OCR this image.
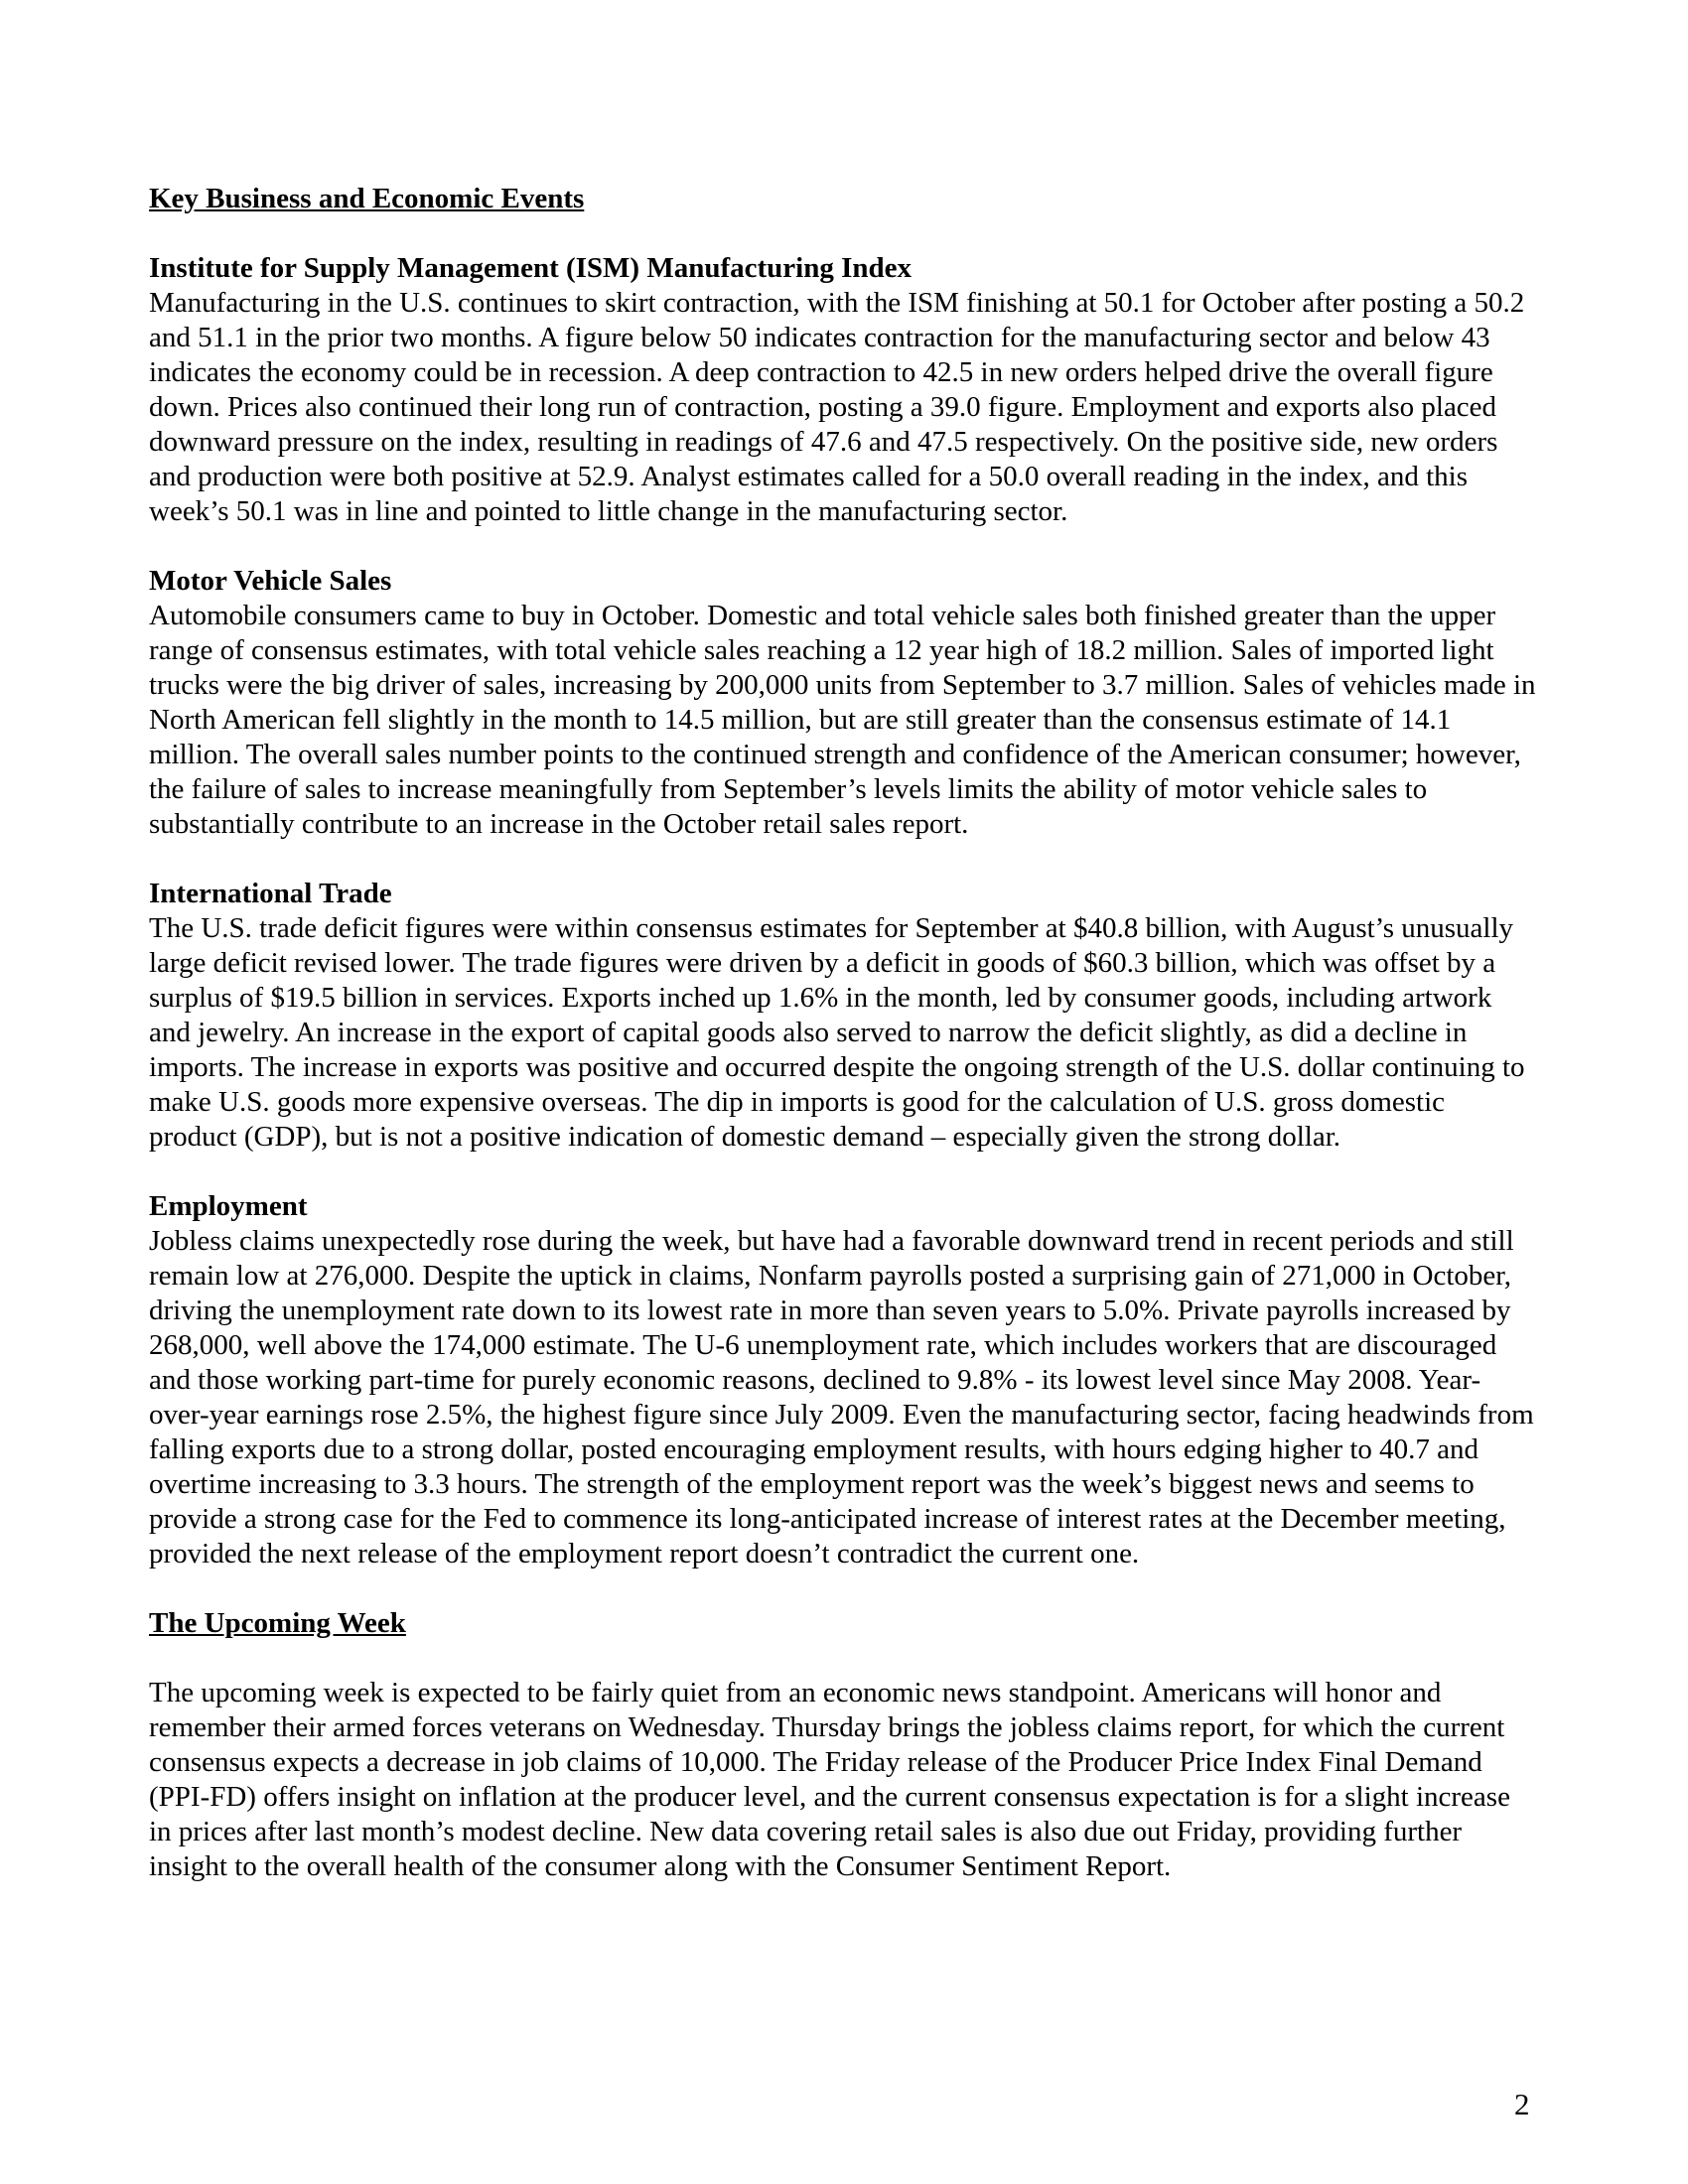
Key Business and Economic Events
Institute for Supply Management (ISM) Manufacturing Index

Manufacturing in the U.S. continues to skirt contraction, with the ISM finishing at 50.1 for October after posting a 50.2 and 51.1 in the prior two months. A figure below 50 indicates contraction for the manufacturing sector and below 43 indicates the economy could be in recession. A deep contraction to 42.5 in new orders helped drive the overall figure down. Prices also continued their long run of contraction, posting a 39.0 figure. Employment and exports also placed downward pressure on the index, resulting in readings of 47.6 and 47.5 respectively. On the positive side, new orders and production were both positive at 52.9. Analyst estimates called for a 50.0 overall reading in the index, and this week’s 50.1 was in line and pointed to little change in the manufacturing sector.

Motor Vehicle Sales

Automobile consumers came to buy in October. Domestic and total vehicle sales both finished greater than the upper range of consensus estimates, with total vehicle sales reaching a 12 year high of 18.2 million. Sales of imported light trucks were the big driver of sales, increasing by 200,000 units from September to 3.7 million. Sales of vehicles made in North American fell slightly in the month to 14.5 million, but are still greater than the consensus estimate of 14.1 million. The overall sales number points to the continued strength and confidence of the American consumer; however, the failure of sales to increase meaningfully from September’s levels limits the ability of motor vehicle sales to substantially contribute to an increase in the October retail sales report.

International Trade

The U.S. trade deficit figures were within consensus estimates for September at $40.8 billion, with August’s unusually large deficit revised lower. The trade figures were driven by a deficit in goods of $60.3 billion, which was offset by a surplus of $19.5 billion in services. Exports inched up 1.6% in the month, led by consumer goods, including artwork and jewelry. An increase in the export of capital goods also served to narrow the deficit slightly, as did a decline in imports. The increase in exports was positive and occurred despite the ongoing strength of the U.S. dollar continuing to make U.S. goods more expensive overseas. The dip in imports is good for the calculation of U.S. gross domestic product (GDP), but is not a positive indication of domestic demand – especially given the strong dollar.

Employment

Jobless claims unexpectedly rose during the week, but have had a favorable downward trend in recent periods and still remain low at 276,000. Despite the uptick in claims, Nonfarm payrolls posted a surprising gain of 271,000 in October, driving the unemployment rate down to its lowest rate in more than seven years to 5.0%. Private payrolls increased by 268,000, well above the 174,000 estimate. The U-6 unemployment rate, which includes workers that are discouraged and those working part-time for purely economic reasons, declined to 9.8% - its lowest level since May 2008. Year-over-year earnings rose 2.5%, the highest figure since July 2009. Even the manufacturing sector, facing headwinds from falling exports due to a strong dollar, posted encouraging employment results, with hours edging higher to 40.7 and overtime increasing to 3.3 hours. The strength of the employment report was the week’s biggest news and seems to provide a strong case for the Fed to commence its long-anticipated increase of interest rates at the December meeting, provided the next release of the employment report doesn’t contradict the current one.

The Upcoming Week

The upcoming week is expected to be fairly quiet from an economic news standpoint. Americans will honor and remember their armed forces veterans on Wednesday. Thursday brings the jobless claims report, for which the current consensus expects a decrease in job claims of 10,000. The Friday release of the Producer Price Index Final Demand (PPI-FD) offers insight on inflation at the producer level, and the current consensus expectation is for a slight increase in prices after last month’s modest decline. New data covering retail sales is also due out Friday, providing further insight to the overall health of the consumer along with the Consumer Sentiment Report.

2
